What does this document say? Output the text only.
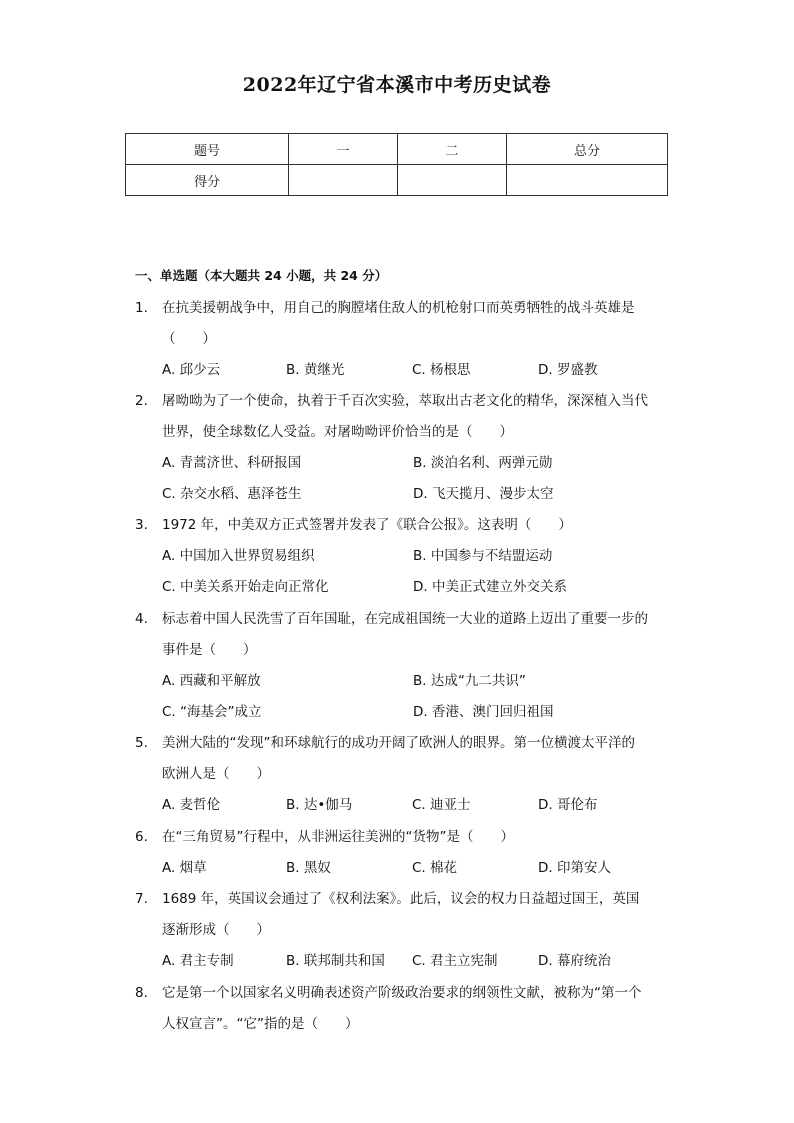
2022年辽宁省本溪市中考历史试卷
题号	一	二	总分
得分			
一、单选题（本大题共 24 小题，共 24 分）
1.	在抗美援朝战争中，用自己的胸膛堵住敌人的机枪射口而英勇牺牲的战斗英雄是
（　　）
A. 邱少云	B. 黄继光	C. 杨根思	D. 罗盛教
2.	屠呦呦为了一个使命，执着于千百次实验，萃取出古老文化的精华，深深植入当代
世界，使全球数亿人受益。对屠呦呦评价恰当的是（　　）
A. 青蒿济世、科研报国	B. 淡泊名利、两弹元勋
C. 杂交水稻、惠泽苍生	D. 飞天揽月、漫步太空
3.	1972 年，中美双方正式签署并发表了《联合公报》。这表明（　　）
A. 中国加入世界贸易组织	B. 中国参与不结盟运动
C. 中美关系开始走向正常化	D. 中美正式建立外交关系
4.	标志着中国人民洗雪了百年国耻，在完成祖国统一大业的道路上迈出了重要一步的
事件是（　　）
A. 西藏和平解放	B. 达成“九二共识”
C. “海基会”成立	D. 香港、澳门回归祖国
5.	美洲大陆的“发现”和环球航行的成功开阔了欧洲人的眼界。第一位横渡太平洋的
欧洲人是（　　）
A. 麦哲伦	B. 达•伽马	C. 迪亚士	D. 哥伦布
6.	在“三角贸易”行程中，从非洲运往美洲的“货物”是（　　）
A. 烟草	B. 黑奴	C. 棉花	D. 印第安人
7.	1689 年，英国议会通过了《权利法案》。此后，议会的权力日益超过国王，英国
逐渐形成（　　）
A. 君主专制	B. 联邦制共和国 C. 君主立宪制	D. 幕府统治
8.	它是第一个以国家名义明确表述资产阶级政治要求的纲领性文献，被称为“第一个
人权宣言”。“它”指的是（　　）
